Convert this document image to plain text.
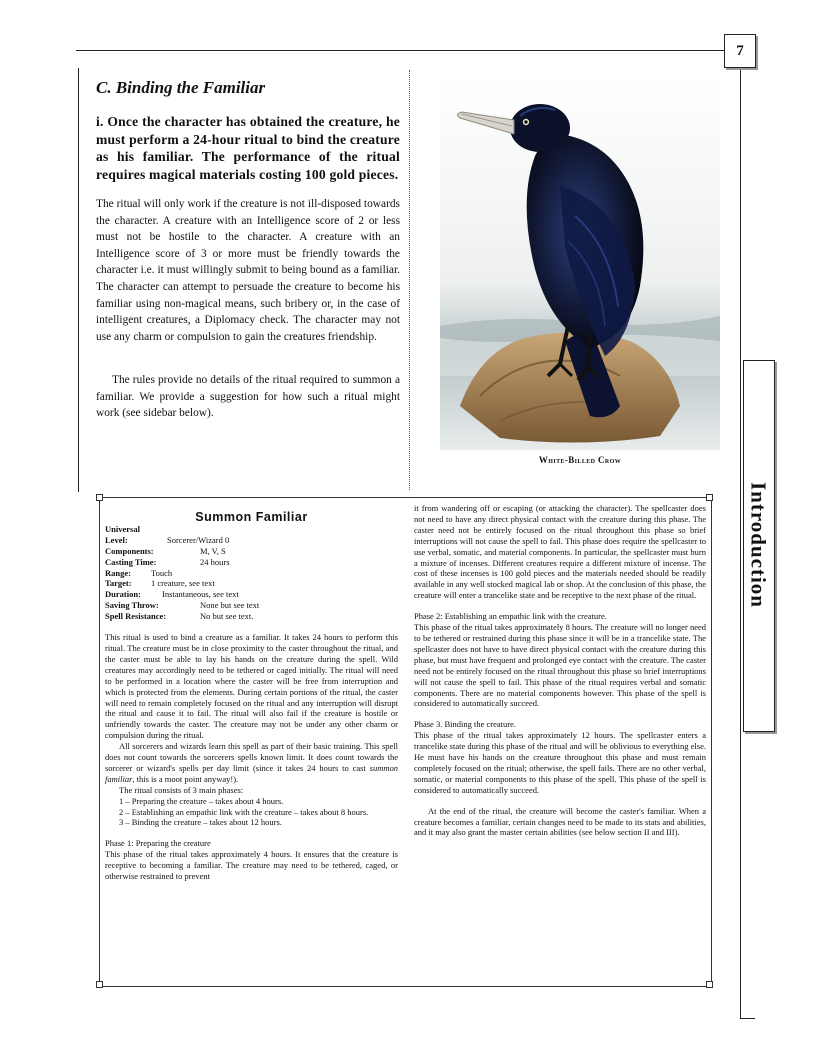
7
Introduction
C. Binding the Familiar
i. Once the character has obtained the creature, he must perform a 24-hour ritual to bind the creature as his familiar. The performance of the ritual requires magical materials costing 100 gold pieces.

The ritual will only work if the creature is not ill-disposed towards the character. A creature with an Intelligence score of 2 or less must not be hostile to the character. A creature with an Intelligence score of 3 or more must be friendly towards the character i.e. it must willingly submit to being bound as a familiar. The character can attempt to persuade the creature to become his familiar using non-magical means, such bribery or, in the case of intelligent creatures, a Diplomacy check. The character may not use any charm or compulsion to gain the creatures friendship.

The rules provide no details of the ritual required to summon a familiar. We provide a suggestion for how such a ritual might work (see sidebar below).

White-Billed Crow
Summon Familiar
Universal
Level:	Sorcerer/Wizard 0
Components:	M, V, S
Casting Time:	24 hours
Range:	Touch
Target:	1 creature, see text
Duration:	Instantaneous, see text
Saving Throw:	None but see text
Spell Resistance:	No but see text.

This ritual is used to bind a creature as a familiar. It takes 24 hours to perform this ritual. The creature must be in close proximity to the caster throughout the ritual, and the caster must be able to lay his hands on the creature during the spell. Wild creatures may accordingly need to be tethered or caged initially. The ritual will need to be performed in a location where the caster will be free from interruption and which is protected from the elements. During certain portions of the ritual, the caster will need to remain completely focused on the ritual and any interruption will disrupt the ritual and cause it to fail. The ritual will also fail if the creature is hostile or unfriendly towards the caster. The creature may not be under any other charm or compulsion during the ritual.

All sorcerers and wizards learn this spell as part of their basic training. This spell does not count towards the sorcerers spells known limit. It does count towards the sorcerer or wizard's spells per day limit (since it takes 24 hours to cast summon familiar, this is a moot point anyway!).

The ritual consists of 3 main phases:

1 – Preparing the creature – takes about 4 hours.

2 – Establishing an empathic link with the creature – takes about 8 hours.

3 – Binding the creature – takes about 12 hours.

Phase 1: Preparing the creature

This phase of the ritual takes approximately 4 hours. It ensures that the creature is receptive to becoming a familiar. The creature may need to be tethered, caged, or otherwise restrained to prevent

it from wandering off or escaping (or attacking the character). The spellcaster does not need to have any direct physical contact with the creature during this phase. The caster need not be entirely focused on the ritual throughout this phase so brief interruptions will not cause the spell to fail. This phase does require the spellcaster to use verbal, somatic, and material components. In particular, the spellcaster must burn a mixture of incenses. Different creatures require a different mixture of incense. The cost of these incenses is 100 gold pieces and the materials needed should be readily available in any well stocked magical lab or shop. At the conclusion of this phase, the creature will enter a trancelike state and be receptive to the next phase of the ritual.

Phase 2: Establishing an empathic link with the creature.

This phase of the ritual takes approximately 8 hours. The creature will no longer need to be tethered or restrained during this phase since it will be in a trancelike state. The spellcaster does not have to have direct physical contact with the creature during this phase, but must have frequent and prolonged eye contact with the creature. The caster need not be entirely focused on the ritual throughout this phase so brief interruptions will not cause the spell to fail. This phase of the ritual requires verbal and somatic components. There are no material components however. This phase of the spell is considered to automatically succeed.

Phase 3. Binding the creature.

This phase of the ritual takes approximately 12 hours. The spellcaster enters a trancelike state during this phase of the ritual and will be oblivious to everything else. He must have his hands on the creature throughout this phase and must remain completely focused on the ritual; otherwise, the spell fails. There are no other verbal, somatic, or material components to this phase of the spell. This phase of the spell is considered to automatically succeed.

At the end of the ritual, the creature will become the caster's familiar. When a creature becomes a familiar, certain changes need to be made to its stats and abilities, and it may also grant the master certain abilities (see below section II and III).
